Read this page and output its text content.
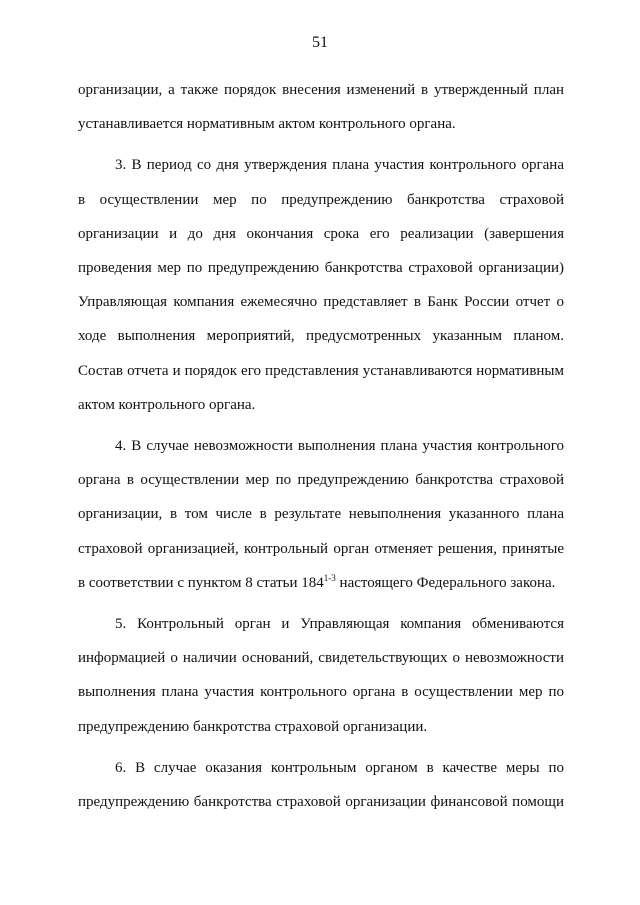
51
организации, а также порядок внесения изменений в утвержденный план
устанавливается нормативным актом контрольного органа.
3. В период со дня утверждения плана участия контрольного органа
в осуществлении мер по предупреждению банкротства страховой
организации и до дня окончания срока его реализации (завершения
проведения мер по предупреждению банкротства страховой организации)
Управляющая компания ежемесячно представляет в Банк России отчет о
ходе выполнения мероприятий, предусмотренных указанным планом.
Состав отчета и порядок его представления устанавливаются нормативным
актом контрольного органа.
4. В случае невозможности выполнения плана участия контрольного
органа в осуществлении мер по предупреждению банкротства страховой
организации, в том числе в результате невыполнения указанного плана
страховой организацией, контрольный орган отменяет решения, принятые
в соответствии с пунктом 8 статьи 184$^{1-3}$ настоящего Федерального закона.
5. Контрольный орган и Управляющая компания обмениваются
информацией о наличии оснований, свидетельствующих о невозможности
выполнения плана участия контрольного органа в осуществлении мер по
предупреждению банкротства страховой организации.
6. В случае оказания контрольным органом в качестве меры по
предупреждению банкротства страховой организации финансовой помощи
